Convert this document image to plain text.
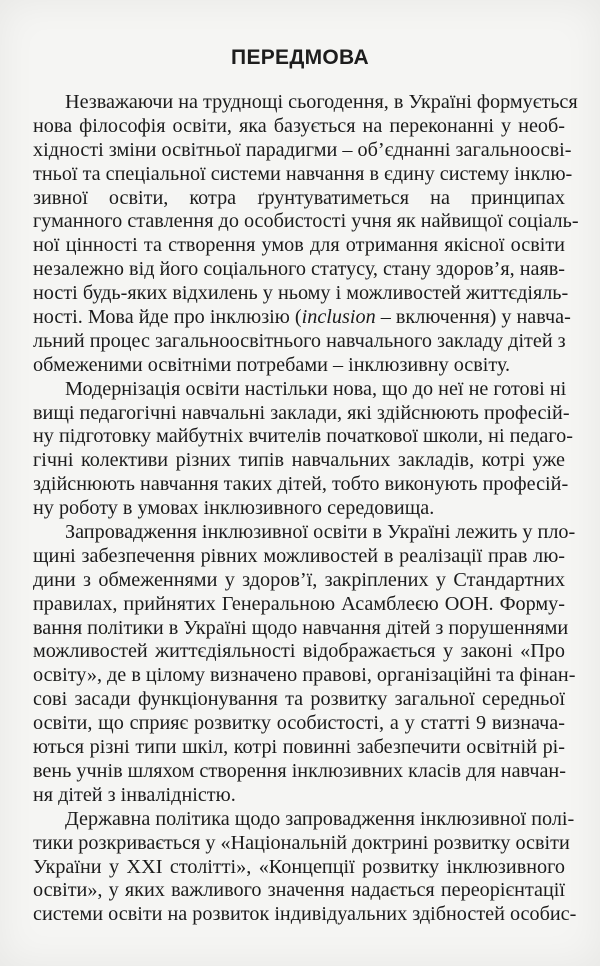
ПЕРЕДМОВА
Незважаючи на труднощі сьогодення, в Україні формується
нова філософія освіти, яка базується на переконанні у необ-
хідності зміни освітньої парадигми – об’єднанні загальноосві-
тньої та спеціальної системи навчання в єдину систему інклю-
зивної освіти, котра ґрунтуватиметься на принципах
гуманного ставлення до особистості учня як найвищої соціаль-
ної цінності та створення умов для отримання якісної освіти
незалежно від його соціального статусу, стану здоров’я, наяв-
ності будь-яких відхилень у ньому і можливостей життєдіяль-
ності. Мова йде про інклюзію (inclusion – включення) у навча-
льний процес загальноосвітнього навчального закладу дітей з
обмеженими освітніми потребами – інклюзивну освіту.
Модернізація освіти настільки нова, що до неї не готові ні
вищі педагогічні навчальні заклади, які здійснюють професій-
ну підготовку майбутніх вчителів початкової школи, ні педаго-
гічні колективи різних типів навчальних закладів, котрі уже
здійснюють навчання таких дітей, тобто виконують професій-
ну роботу в умовах інклюзивного середовища.
Запровадження інклюзивної освіти в Україні лежить у пло-
щині забезпечення рівних можливостей в реалізації прав лю-
дини з обмеженнями у здоров’ї, закріплених у Стандартних
правилах, прийнятих Генеральною Асамблеєю ООН. Форму-
вання політики в Україні щодо навчання дітей з порушеннями
можливостей життєдіяльності відображається у законі «Про
освіту», де в цілому визначено правові, організаційні та фінан-
сові засади функціонування та розвитку загальної середньої
освіти, що сприяє розвитку особистості, а у статті 9 визнача-
ються різні типи шкіл, котрі повинні забезпечити освітній рі-
вень учнів шляхом створення інклюзивних класів для навчан-
ня дітей з інвалідністю.
Державна політика щодо запровадження інклюзивної полі-
тики розкривається у «Національній доктрині розвитку освіти
України у XXI столітті», «Концепції розвитку інклюзивного
освіти», у яких важливого значення надається переорієнтації
системи освіти на розвиток індивідуальних здібностей особис-
